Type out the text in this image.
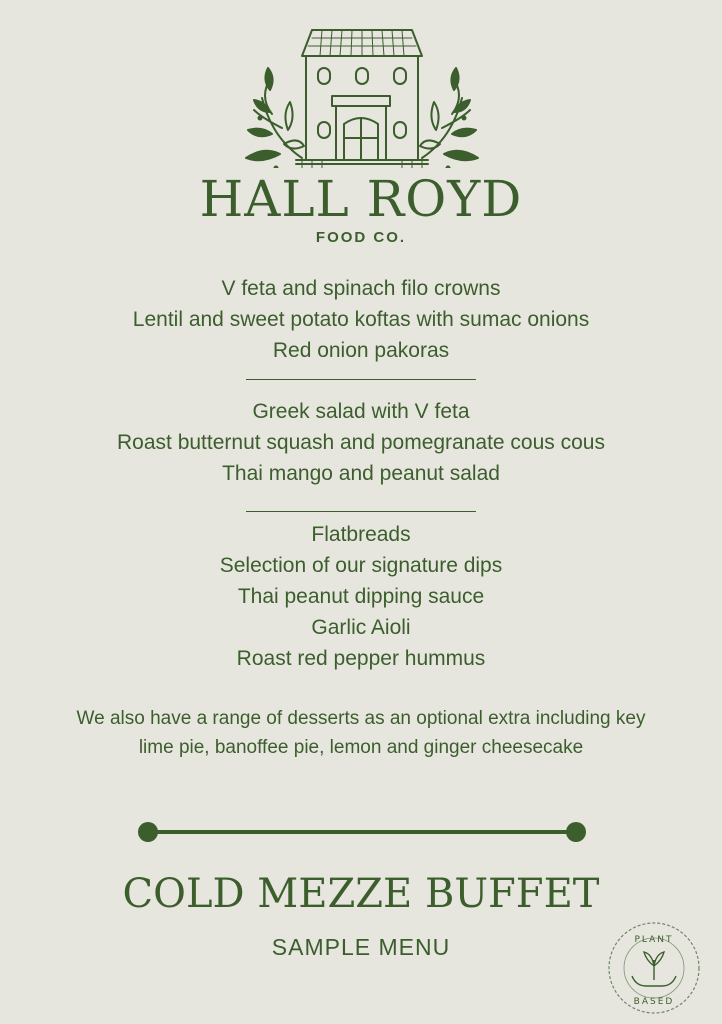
HALL ROYD
FOOD CO.
V feta and spinach filo crowns
Lentil and sweet potato koftas with sumac onions
Red onion pakoras
Greek salad with V feta
Roast butternut squash and pomegranate cous cous
Thai mango and peanut salad
Flatbreads
Selection of our signature dips
Thai peanut dipping sauce
Garlic Aioli
Roast red pepper hummus
We also have a range of desserts as an optional extra including key
lime pie, banoffee pie, lemon and ginger cheesecake
COLD MEZZE BUFFET
SAMPLE MENU	PLANT
BASED
